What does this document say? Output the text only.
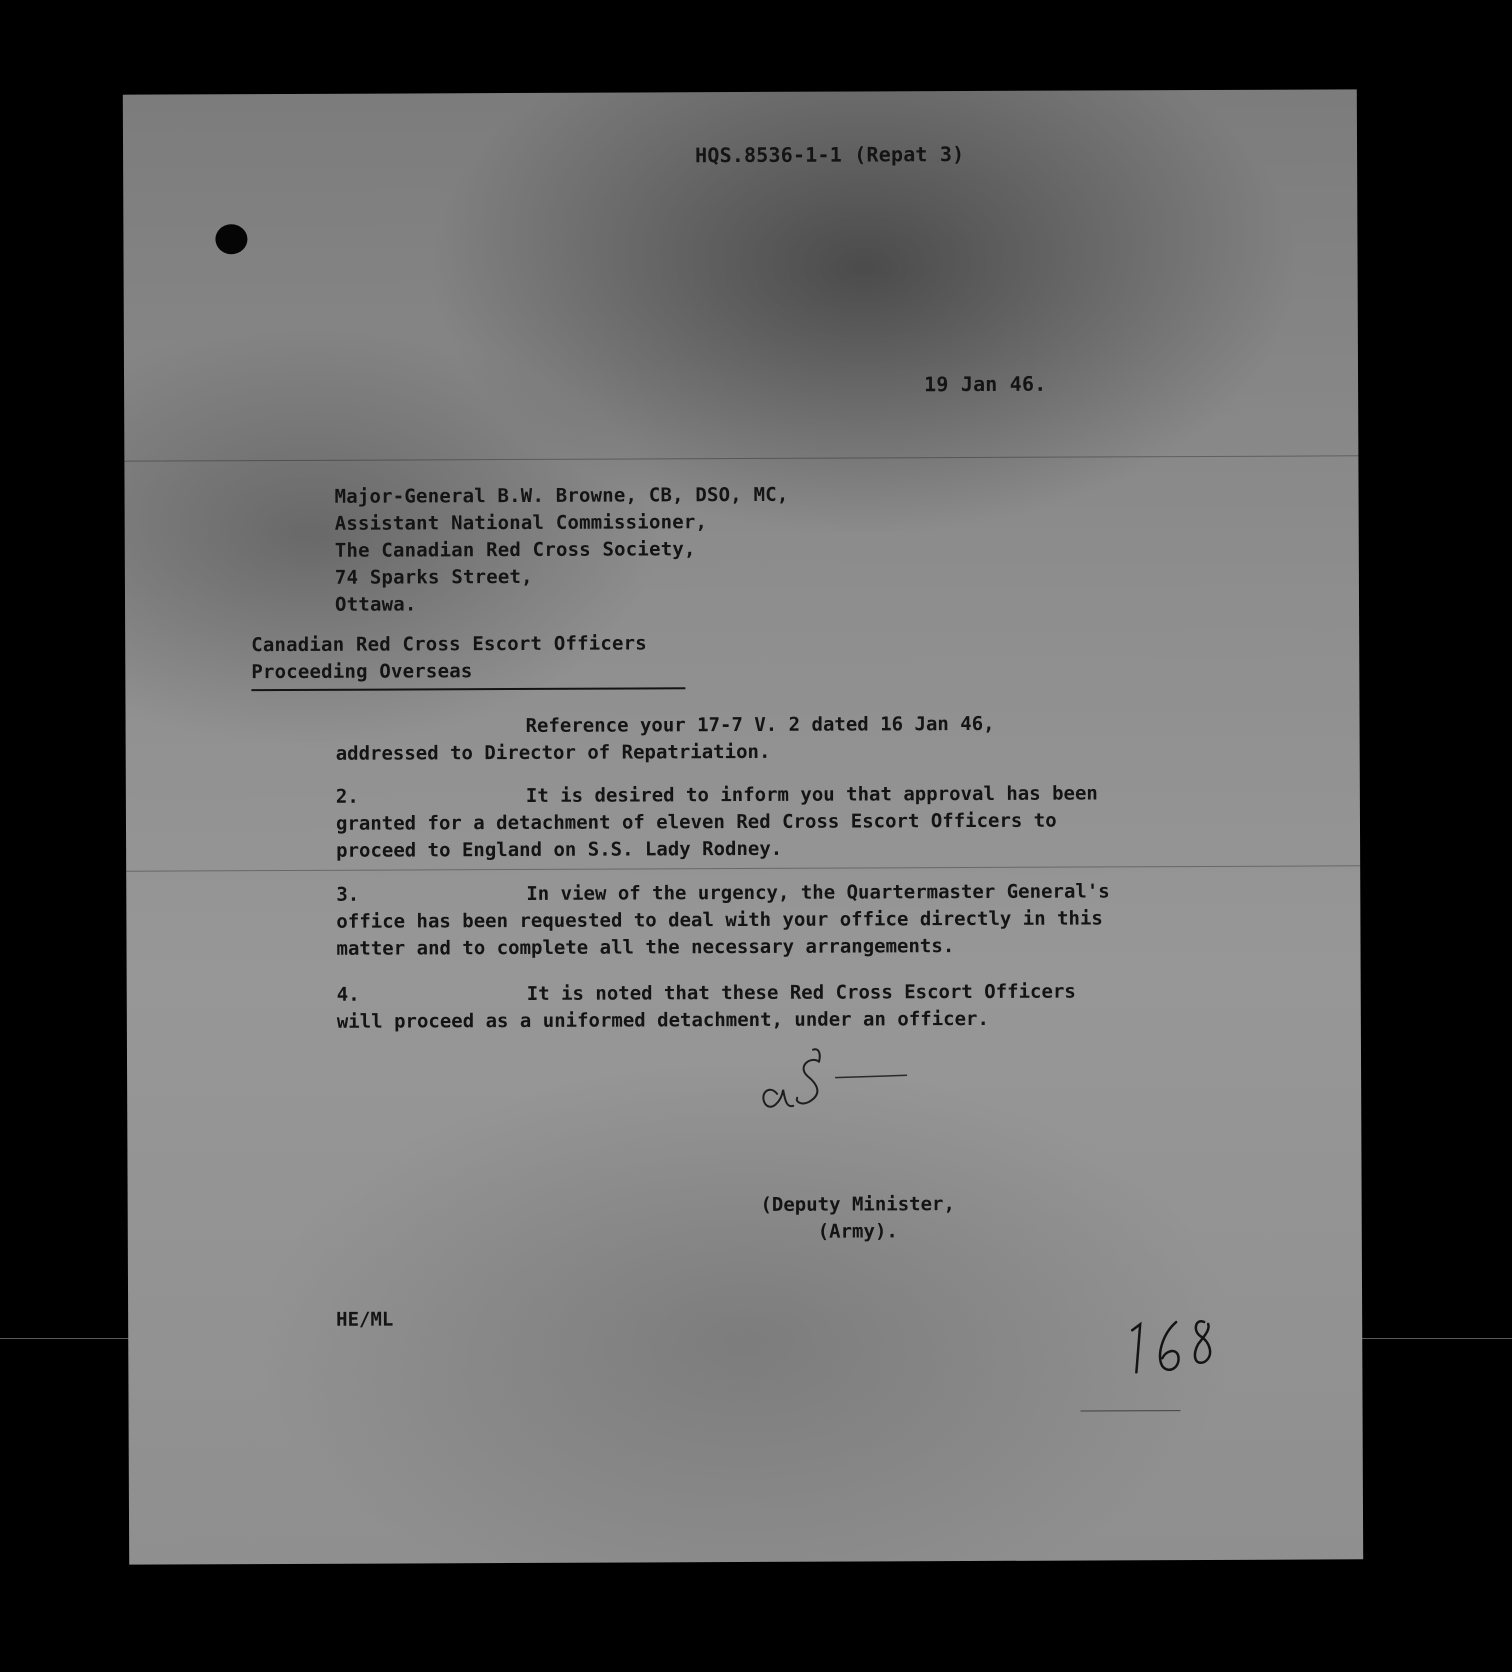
HQS.8536-1-1 (Repat 3)
19 Jan 46.
Major-General B.W. Browne, CB, DSO, MC,
Assistant National Commissioner,
The Canadian Red Cross Society,
74 Sparks Street,
Ottawa.
Canadian Red Cross Escort Officers
Proceeding Overseas
Reference your 17-7 V. 2 dated 16 Jan 46,
addressed to Director of Repatriation.
2.	It is desired to inform you that approval has been
granted for a detachment of eleven Red Cross Escort Officers to
proceed to England on S.S. Lady Rodney.
3.	In view of the urgency, the Quartermaster General's
office has been requested to deal with your office directly in this
matter and to complete all the necessary arrangements.
4.	It is noted that these Red Cross Escort Officers
will proceed as a uniformed detachment, under an officer.
(Deputy Minister,
(Army).
HE/ML
